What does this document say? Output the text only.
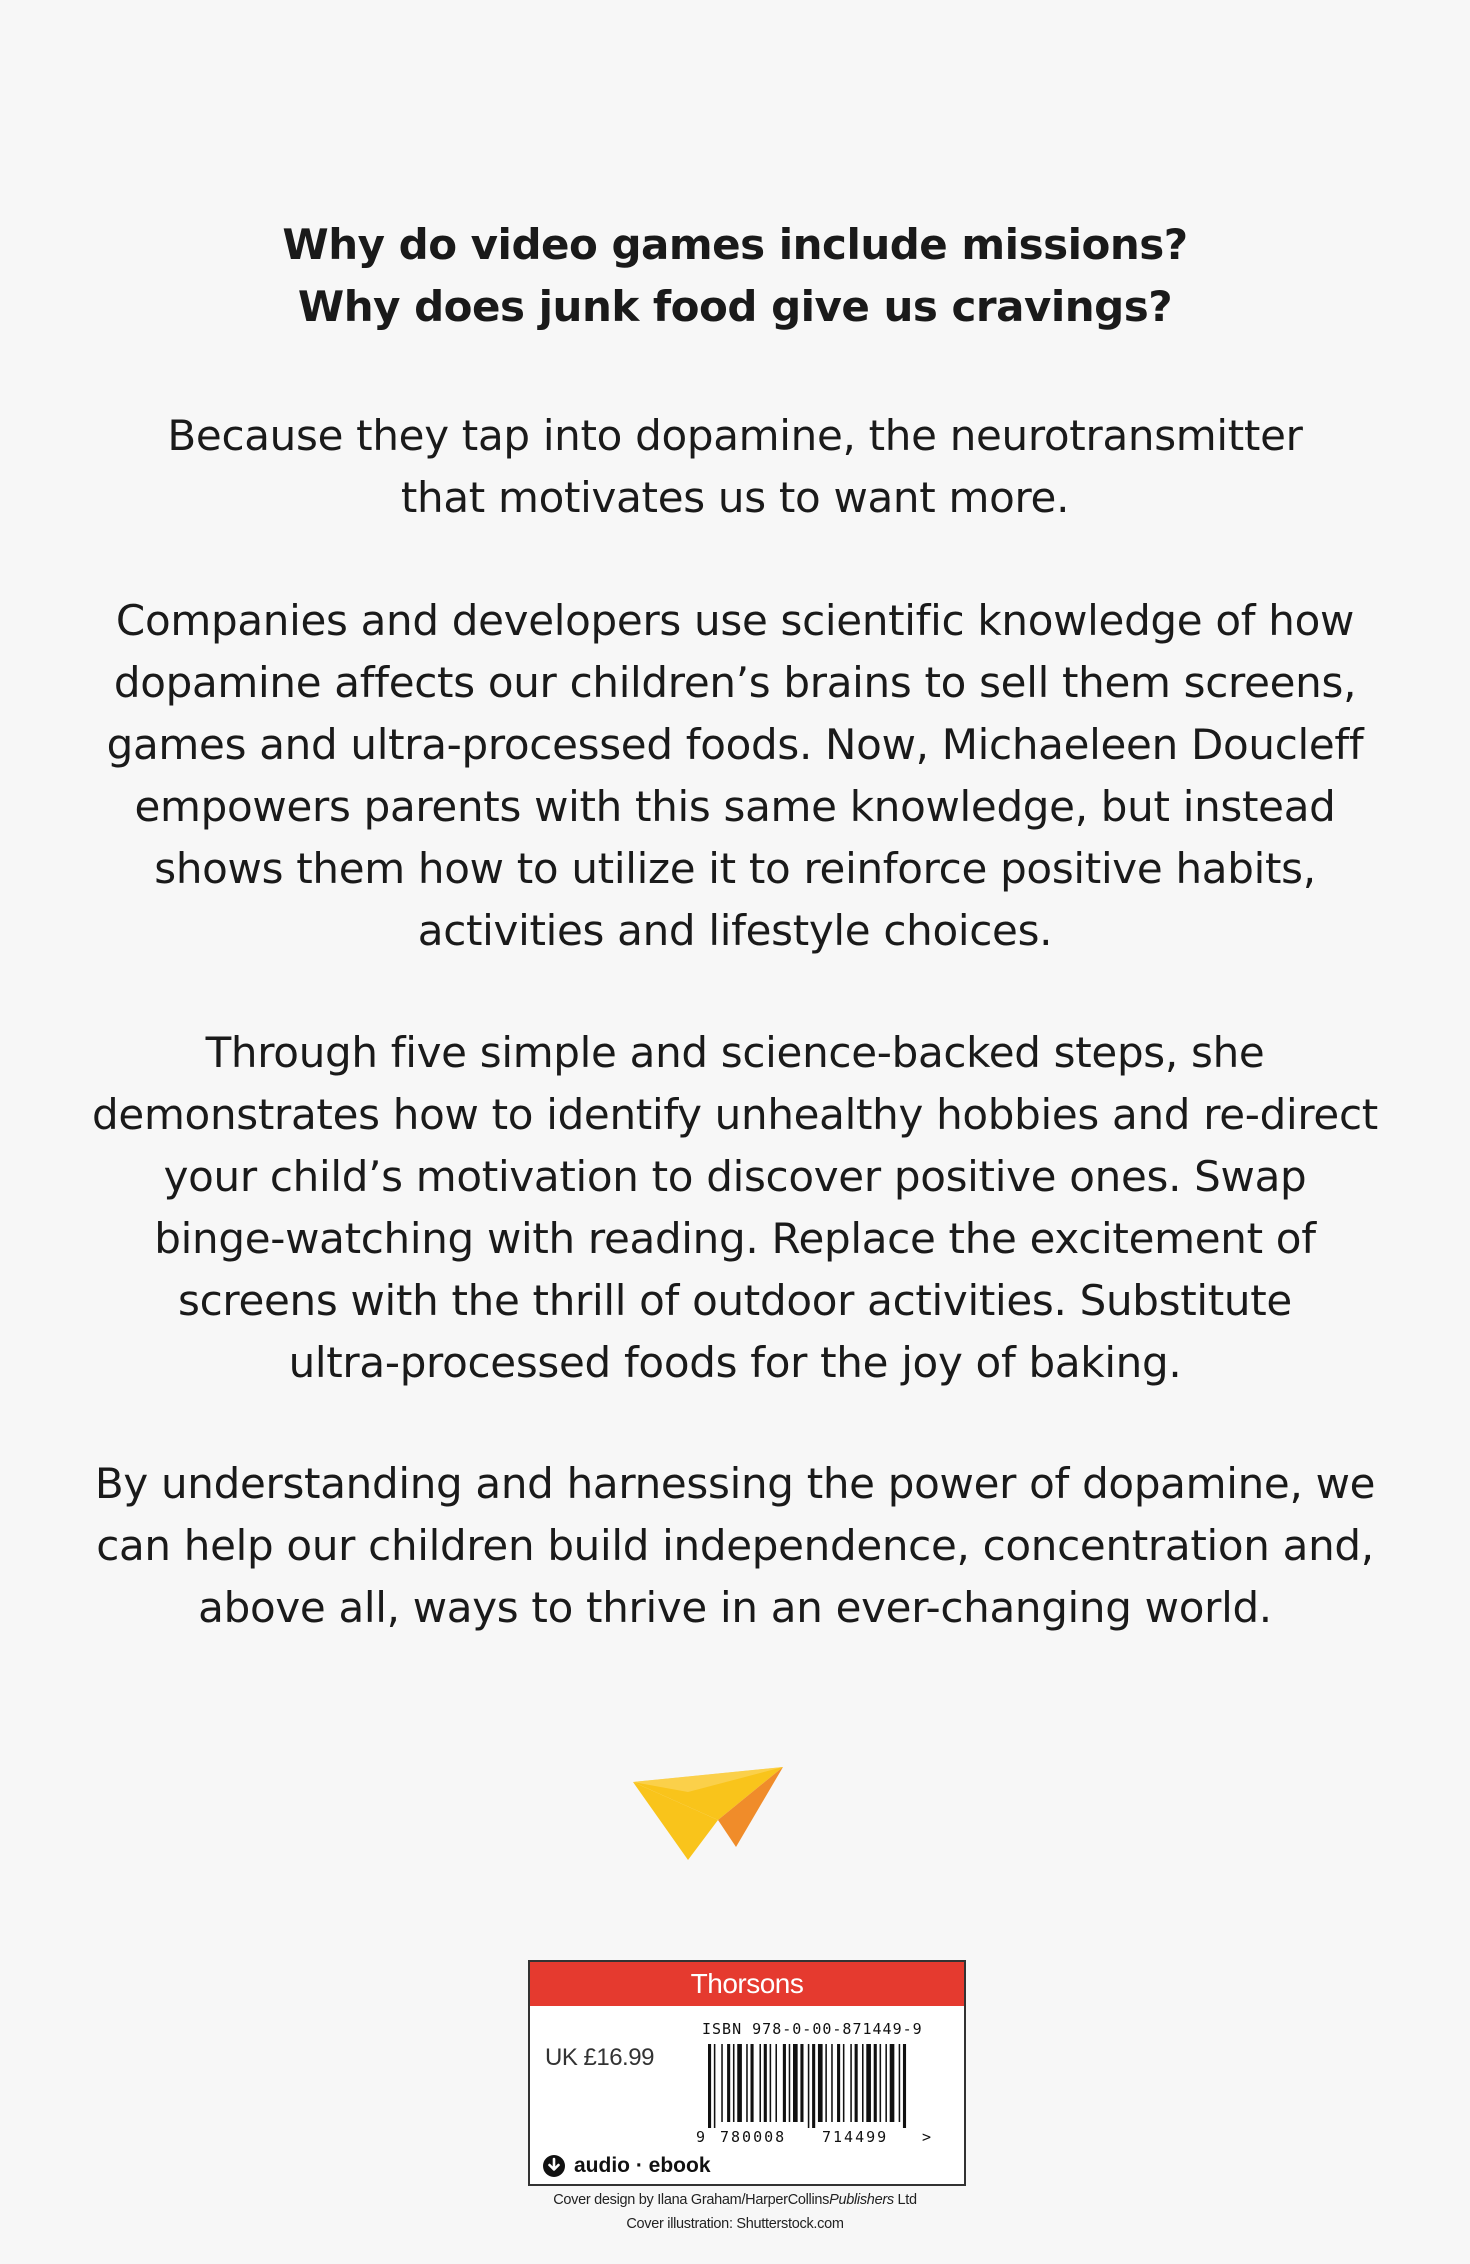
Why do video games include missions?
Why does junk food give us cravings?
Because they tap into dopamine, the neurotransmitter
that motivates us to want more.
Companies and developers use scientific knowledge of how
dopamine affects our children’s brains to sell them screens,
games and ultra-processed foods. Now, Michaeleen Doucleff
empowers parents with this same knowledge, but instead
shows them how to utilize it to reinforce positive habits,
activities and lifestyle choices.
Through five simple and science-backed steps, she
demonstrates how to identify unhealthy hobbies and re-direct
your child’s motivation to discover positive ones. Swap
binge-watching with reading. Replace the excitement of
screens with the thrill of outdoor activities. Substitute
ultra-processed foods for the joy of baking.
By understanding and harnessing the power of dopamine, we
can help our children build independence, concentration and,
above all, ways to thrive in an ever-changing world.
Thorsons
UK £16.99
ISBN 978-0-00-871449-9
9 780008 714499 >
audio · ebook
Cover design by Ilana Graham/HarperCollinsPublishers Ltd
Cover illustration: Shutterstock.com
